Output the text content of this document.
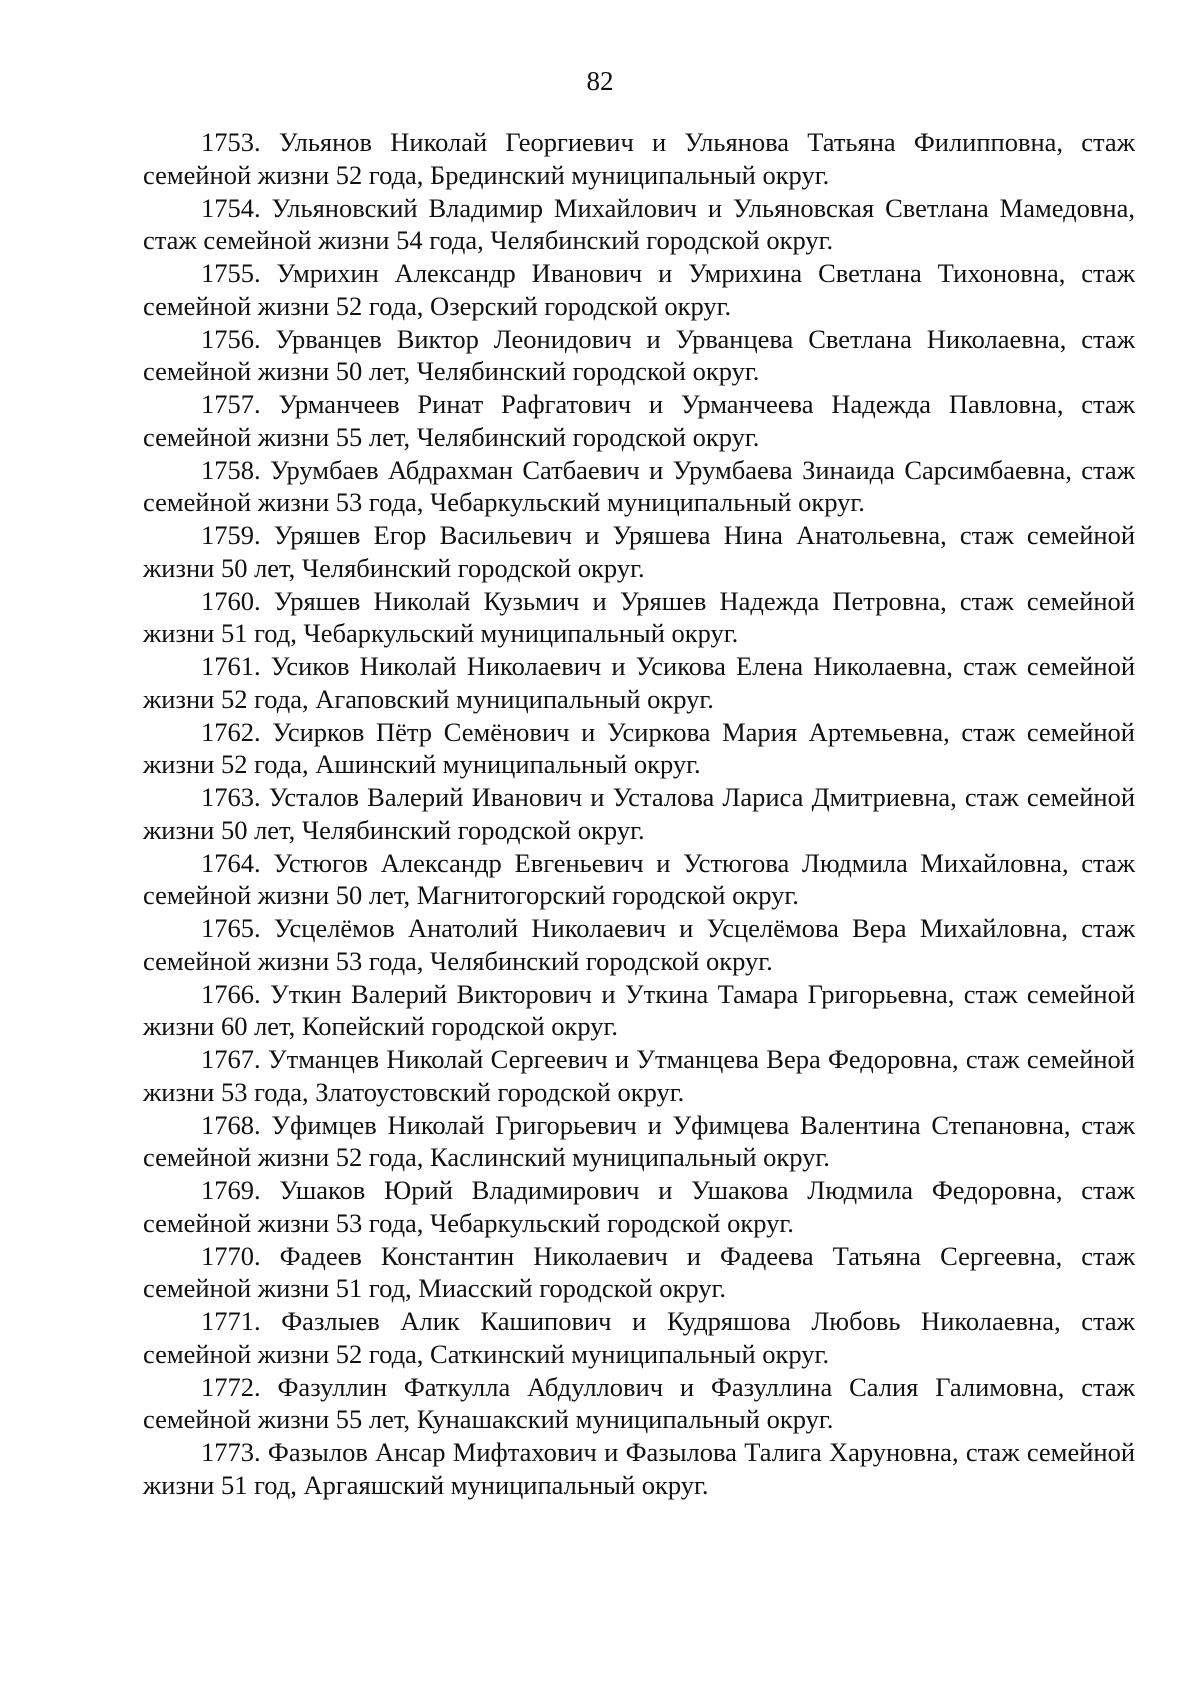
82

1753. Ульянов Николай Георгиевич и Ульянова Татьяна Филипповна, стаж семейной жизни 52 года, Брединский муниципальный округ.

1754. Ульяновский Владимир Михайлович и Ульяновская Светлана Мамедовна, стаж семейной жизни 54 года, Челябинский городской округ.

1755. Умрихин Александр Иванович и Умрихина Светлана Тихоновна, стаж семейной жизни 52 года, Озерский городской округ.

1756. Урванцев Виктор Леонидович и Урванцева Светлана Николаевна, стаж семейной жизни 50 лет, Челябинский городской округ.

1757. Урманчеев Ринат Рафгатович и Урманчеева Надежда Павловна, стаж семейной жизни 55 лет, Челябинский городской округ.

1758. Урумбаев Абдрахман Сатбаевич и Урумбаева Зинаида Сарсимбаевна, стаж семейной жизни 53 года, Чебаркульский муниципальный округ.

1759. Уряшев Егор Васильевич и Уряшева Нина Анатольевна, стаж семейной жизни 50 лет, Челябинский городской округ.

1760. Уряшев Николай Кузьмич и Уряшев Надежда Петровна, стаж семейной жизни 51 год, Чебаркульский муниципальный округ.

1761. Усиков Николай Николаевич и Усикова Елена Николаевна, стаж семейной жизни 52 года, Агаповский муниципальный округ.

1762. Усирков Пётр Семёнович и Усиркова Мария Артемьевна, стаж семейной жизни 52 года, Ашинский муниципальный округ.

1763. Усталов Валерий Иванович и Усталова Лариса Дмитриевна, стаж семейной жизни 50 лет, Челябинский городской округ.

1764. Устюгов Александр Евгеньевич и Устюгова Людмила Михайловна, стаж семейной жизни 50 лет, Магнитогорский городской округ.

1765. Усцелёмов Анатолий Николаевич и Усцелёмова Вера Михайловна, стаж семейной жизни 53 года, Челябинский городской округ.

1766. Уткин Валерий Викторович и Уткина Тамара Григорьевна, стаж семейной жизни 60 лет, Копейский городской округ.

1767. Утманцев Николай Сергеевич и Утманцева Вера Федоровна, стаж семейной жизни 53 года, Златоустовский городской округ.

1768. Уфимцев Николай Григорьевич и Уфимцева Валентина Степановна, стаж семейной жизни 52 года, Каслинский муниципальный округ.

1769. Ушаков Юрий Владимирович и Ушакова Людмила Федоровна, стаж семейной жизни 53 года, Чебаркульский городской округ.

1770. Фадеев Константин Николаевич и Фадеева Татьяна Сергеевна, стаж семейной жизни 51 год, Миасский городской округ.

1771. Фазлыев Алик Кашипович и Кудряшова Любовь Николаевна, стаж семейной жизни 52 года, Саткинский муниципальный округ.

1772. Фазуллин Фаткулла Абдуллович и Фазуллина Салия Галимовна, стаж семейной жизни 55 лет, Кунашакский муниципальный округ.

1773. Фазылов Ансар Мифтахович и Фазылова Талига Харуновна, стаж семейной жизни 51 год, Аргаяшский муниципальный округ.
